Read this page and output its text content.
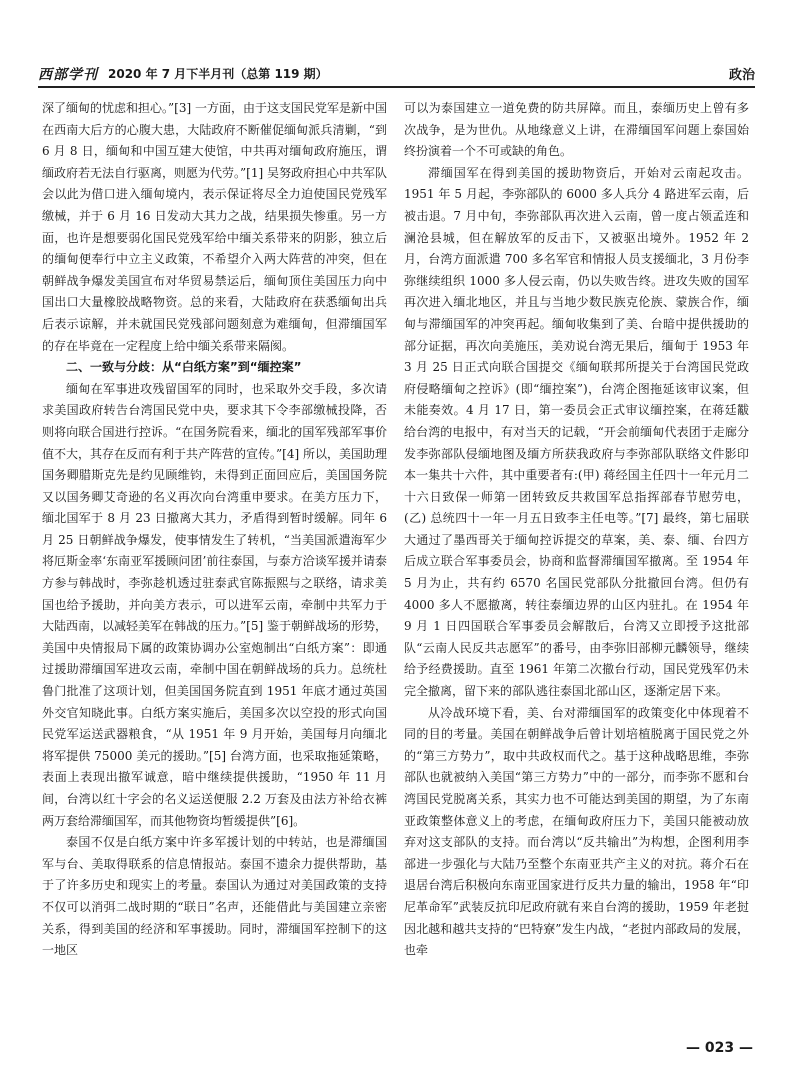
西部学刊 2020 年 7 月下半月刊（总第 119 期）	政治

深了缅甸的忧虑和担心。”[3] 一方面，由于这支国民党军是新中国在西南大后方的心腹大患，大陆政府不断催促缅甸派兵清剿，“到 6 月 8 日，缅甸和中国互建大使馆，中共再对缅甸政府施压，谓缅政府若无法自行驱离，则愿为代劳。”[1] 吴努政府担心中共军队会以此为借口进入缅甸境内，表示保证将尽全力迫使国民党残军缴械，并于 6 月 16 日发动大其力之战，结果损失惨重。另一方面，也许是想要弱化国民党残军给中缅关系带来的阴影，独立后的缅甸便奉行中立主义政策，不希望介入两大阵营的冲突，但在朝鲜战争爆发美国宣布对华贸易禁运后，缅甸顶住美国压力向中国出口大量橡胶战略物资。总的来看，大陆政府在获悉缅甸出兵后表示谅解，并未就国民党残部问题刻意为难缅甸，但滞缅国军的存在毕竟在一定程度上给中缅关系带来隔阂。

二、一致与分歧：从“白纸方案”到“缅控案”

缅甸在军事进攻残留国军的同时，也采取外交手段，多次请求美国政府转告台湾国民党中央，要求其下令李部缴械投降，否则将向联合国进行控诉。“在国务院看来，缅北的国军残部军事价值不大，其存在反而有利于共产阵营的宣传。”[4] 所以，美国助理国务卿腊斯克先是约见顾维钧，未得到正面回应后，美国国务院又以国务卿艾奇逊的名义再次向台湾重申要求。在美方压力下，缅北国军于 8 月 23 日撤离大其力，矛盾得到暂时缓解。同年 6 月 25 日朝鲜战争爆发，使事情发生了转机，“当美国派遣海军少将厄斯金率‘东南亚军援顾问团’前往泰国，与泰方洽谈军援并请泰方参与韩战时，李弥趁机透过驻泰武官陈振熙与之联络，请求美国也给予援助，并向美方表示，可以进军云南，牵制中共军力于大陆西南，以减轻美军在韩战的压力。”[5] 鉴于朝鲜战场的形势，美国中央情报局下属的政策协调办公室炮制出“白纸方案”：即通过援助滞缅国军进攻云南，牵制中国在朝鲜战场的兵力。总统杜鲁门批准了这项计划，但美国国务院直到 1951 年底才通过英国外交官知晓此事。白纸方案实施后，美国多次以空投的形式向国民党军运送武器粮食，“从 1951 年 9 月开始，美国每月向缅北将军提供 75000 美元的援助。”[5] 台湾方面，也采取拖延策略，表面上表现出撤军诚意，暗中继续提供援助，“1950 年 11 月间，台湾以红十字会的名义运送便服 2.2 万套及由法方补给衣裤两万套给滞缅国军，而其他物资均暂缓提供”[6]。

泰国不仅是白纸方案中许多军援计划的中转站，也是滞缅国军与台、美取得联系的信息情报站。泰国不遗余力提供帮助，基于了许多历史和现实上的考量。泰国认为通过对美国政策的支持不仅可以消弭二战时期的“联日”名声，还能借此与美国建立亲密关系，得到美国的经济和军事援助。同时，滞缅国军控制下的这一地区

可以为泰国建立一道免费的防共屏障。而且，泰缅历史上曾有多次战争，是为世仇。从地缘意义上讲，在滞缅国军问题上泰国始终扮演着一个不可或缺的角色。

滞缅国军在得到美国的援助物资后，开始对云南起攻击。1951 年 5 月起，李弥部队的 6000 多人兵分 4 路进军云南，后被击退。7 月中旬，李弥部队再次进入云南，曾一度占领孟连和澜沧县城，但在解放军的反击下，又被驱出境外。1952 年 2 月，台湾方面派遣 700 多名军官和情报人员支援缅北，3 月份李弥继续组织 1000 多人侵云南，仍以失败告终。进攻失败的国军再次进入缅北地区，并且与当地少数民族克伦族、蒙族合作，缅甸与滞缅国军的冲突再起。缅甸收集到了美、台暗中提供援助的部分证据，再次向美施压，美劝说台湾无果后，缅甸于 1953 年 3 月 25 日正式向联合国提交《缅甸联邦所提关于台湾国民党政府侵略缅甸之控诉》(即“缅控案”)，台湾企图拖延该审议案，但未能奏效。4 月 17 日，第一委员会正式审议缅控案，在蒋廷黻给台湾的电报中，有对当天的记载，“开会前缅甸代表团于走廊分发李弥部队侵缅地图及缅方所获我政府与李弥部队联络文件影印本一集共十六件，其中重要者有:(甲) 蒋经国主任四十一年元月二十六日致保一师第一团转致反共救国军总指挥部春节慰劳电，(乙) 总统四十一年一月五日致李主任电等。”[7] 最终，第七届联大通过了墨西哥关于缅甸控诉提交的草案，美、泰、缅、台四方后成立联合军事委员会，协商和监督滞缅国军撤离。至 1954 年 5 月为止，共有约 6570 名国民党部队分批撤回台湾。但仍有 4000 多人不愿撤离，转往泰缅边界的山区内驻扎。在 1954 年 9 月 1 日四国联合军事委员会解散后，台湾又立即授予这批部队“云南人民反共志愿军”的番号，由李弥旧部柳元麟领导，继续给予经费援助。直至 1961 年第二次撤台行动，国民党残军仍未完全撤离，留下来的部队逃往泰国北部山区，逐渐定居下来。

从冷战环境下看，美、台对滞缅国军的政策变化中体现着不同的目的考量。美国在朝鲜战争后曾计划培植脱离于国民党之外的“第三方势力”，取中共政权而代之。基于这种战略思维，李弥部队也就被纳入美国“第三方势力”中的一部分，而李弥不愿和台湾国民党脱离关系，其实力也不可能达到美国的期望，为了东南亚政策整体意义上的考虑，在缅甸政府压力下，美国只能被动放弃对这支部队的支持。而台湾以“反共输出”为构想，企图利用李部进一步强化与大陆乃至整个东南亚共产主义的对抗。蒋介石在退居台湾后积极向东南亚国家进行反共力量的输出，1958 年“印尼革命军”武装反抗印尼政府就有来自台湾的援助，1959 年老挝因北越和越共支持的“巴特寮”发生内战，“老挝内部政局的发展，也牵

— 023 —
